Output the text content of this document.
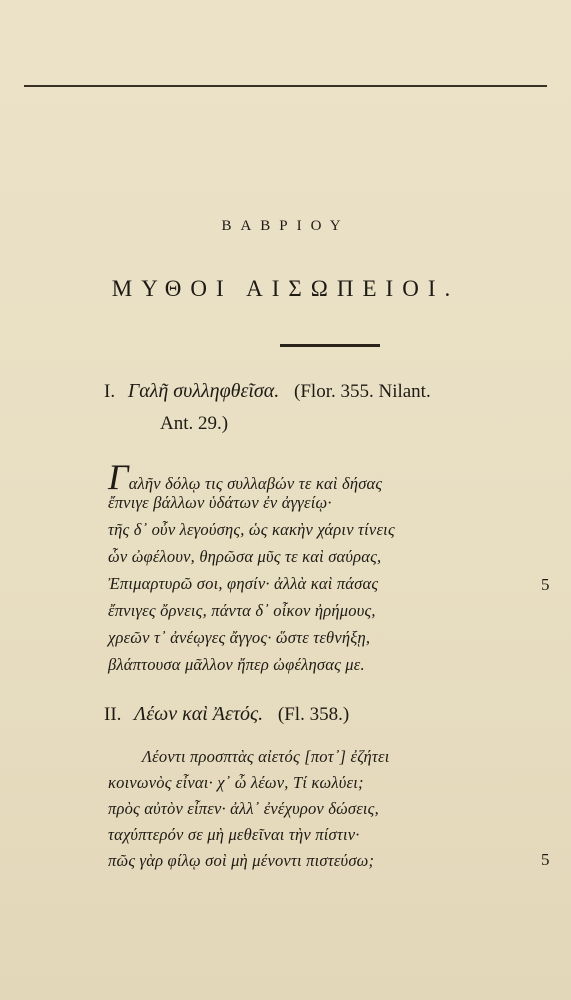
ΒΑΒΡΙΟΥ
ΜΥΘΟΙ ΑΙΣΩΠΕΙΟΙ.
I. Γαλῆ συλληφθεῖσα. (Flor. 355. Nilant.
Ant. 29.)
Γαλῆν δόλῳ τις συλλαβών τε καὶ δήσας
ἔπνιγε βάλλων ὑδάτων ἐν ἀγγείῳ·
τῆς δ᾽ οὖν λεγούσης, ὡς κακὴν χάριν τίνεις
ὧν ὠφέλουν, θηρῶσα μῦς τε καὶ σαύρας,
Ἐπιμαρτυρῶ σοι, φησίν· ἀλλὰ καὶ πάσας	5
ἔπνιγες ὄρνεις, πάντα δ᾽ οἶκον ἠρήμους,
χρεῶν τ᾽ ἀνέῳγες ἄγγος· ὥστε τεθνήξῃ,
βλάπτουσα μᾶλλον ἤπερ ὠφέλησας με.
II. Λέων καὶ Ἀετός. (Fl. 358.)
Λέοντι προσπτὰς αἰετός [ποτ᾽] ἐζήτει
κοινωνὸς εἶναι· χ᾽ ὦ λέων, Τί κωλύει;
πρὸς αὐτὸν εἶπεν· ἀλλ᾽ ἐνέχυρον δώσεις,
ταχύπτερόν σε μὴ μεθεῖναι τὴν πίστιν·
πῶς γὰρ φίλῳ σοὶ μὴ μένοντι πιστεύσω;	5
